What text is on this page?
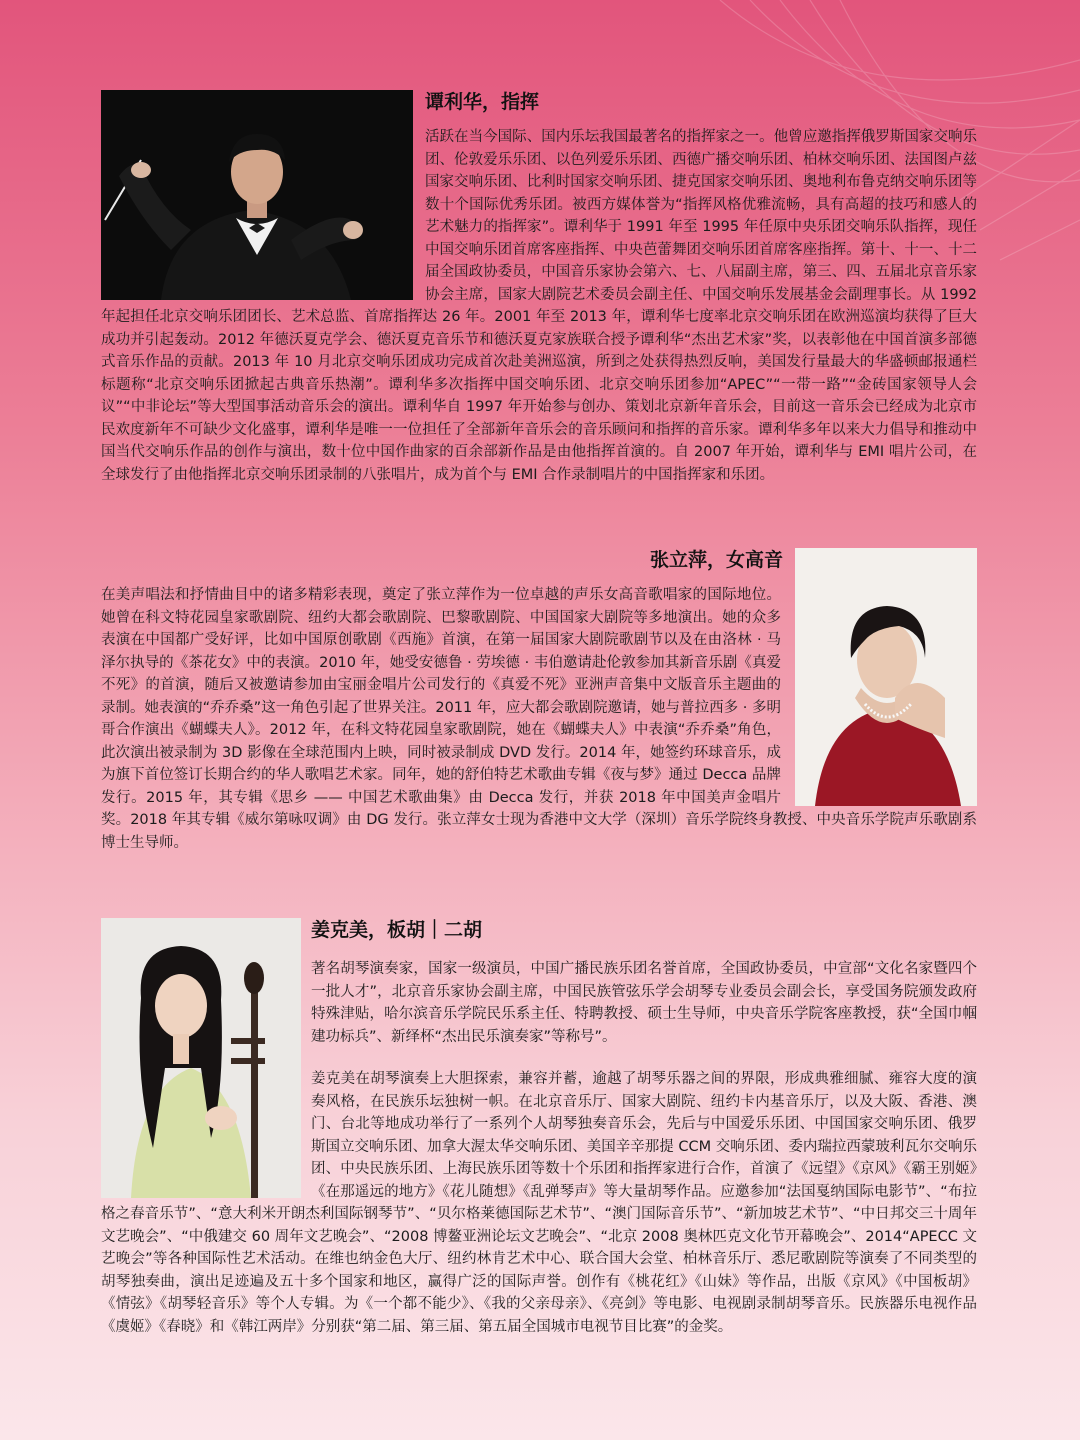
谭利华，指挥

活跃在当今国际、国内乐坛我国最著名的指挥家之一。他曾应邀指挥俄罗斯国家交响乐团、伦敦爱乐乐团、以色列爱乐乐团、西德广播交响乐团、柏林交响乐团、法国图卢兹国家交响乐团、比利时国家交响乐团、捷克国家交响乐团、奥地利布鲁克纳交响乐团等数十个国际优秀乐团。被西方媒体誉为“指挥风格优雅流畅，具有高超的技巧和感人的艺术魅力的指挥家”。谭利华于 1991 年至 1995 年任原中央乐团交响乐队指挥，现任中国交响乐团首席客座指挥、中央芭蕾舞团交响乐团首席客座指挥。第十、十一、十二届全国政协委员，中国音乐家协会第六、七、八届副主席，第三、四、五届北京音乐家协会主席，国家大剧院艺术委员会副主任、中国交响乐发展基金会副理事长。从 1992 年起担任北京交响乐团团长、艺术总监、首席指挥达 26 年。2001 年至 2013 年，谭利华七度率北京交响乐团在欧洲巡演均获得了巨大成功并引起轰动。2012 年德沃夏克学会、德沃夏克音乐节和德沃夏克家族联合授予谭利华“杰出艺术家”奖，以表彰他在中国首演多部德式音乐作品的贡献。2013 年 10 月北京交响乐团成功完成首次赴美洲巡演，所到之处获得热烈反响，美国发行量最大的华盛顿邮报通栏标题称“北京交响乐团掀起古典音乐热潮”。谭利华多次指挥中国交响乐团、北京交响乐团参加“APEC”“一带一路”“金砖国家领导人会议”“中非论坛”等大型国事活动音乐会的演出。谭利华自 1997 年开始参与创办、策划北京新年音乐会，目前这一音乐会已经成为北京市民欢度新年不可缺少文化盛事，谭利华是唯一一位担任了全部新年音乐会的音乐顾问和指挥的音乐家。谭利华多年以来大力倡导和推动中国当代交响乐作品的创作与演出，数十位中国作曲家的百余部新作品是由他指挥首演的。自 2007 年开始，谭利华与 EMI 唱片公司，在全球发行了由他指挥北京交响乐团录制的八张唱片，成为首个与 EMI 合作录制唱片的中国指挥家和乐团。

张立萍，女高音

在美声唱法和抒情曲目中的诸多精彩表现，奠定了张立萍作为一位卓越的声乐女高音歌唱家的国际地位。她曾在科文特花园皇家歌剧院、纽约大都会歌剧院、巴黎歌剧院、中国国家大剧院等多地演出。她的众多表演在中国都广受好评，比如中国原创歌剧《西施》首演，在第一届国家大剧院歌剧节以及在由洛林 · 马泽尔执导的《茶花女》中的表演。2010 年，她受安德鲁 · 劳埃德 · 韦伯邀请赴伦敦参加其新音乐剧《真爱不死》的首演，随后又被邀请参加由宝丽金唱片公司发行的《真爱不死》亚洲声音集中文版音乐主题曲的录制。她表演的“乔乔桑”这一角色引起了世界关注。2011 年，应大都会歌剧院邀请，她与普拉西多 · 多明哥合作演出《蝴蝶夫人》。2012 年，在科文特花园皇家歌剧院，她在《蝴蝶夫人》中表演“乔乔桑”角色，此次演出被录制为 3D 影像在全球范围内上映，同时被录制成 DVD 发行。2014 年，她签约环球音乐，成为旗下首位签订长期合约的华人歌唱艺术家。同年，她的舒伯特艺术歌曲专辑《夜与梦》通过 Decca 品牌发行。2015 年，其专辑《思乡 —— 中国艺术歌曲集》由 Decca 发行，并获 2018 年中国美声金唱片奖。2018 年其专辑《威尔第咏叹调》由 DG 发行。张立萍女士现为香港中文大学（深圳）音乐学院终身教授、中央音乐学院声乐歌剧系博士生导师。

姜克美，板胡｜二胡

著名胡琴演奏家，国家一级演员，中国广播民族乐团名誉首席，全国政协委员，中宣部“文化名家暨四个一批人才”，北京音乐家协会副主席，中国民族管弦乐学会胡琴专业委员会副会长，享受国务院颁发政府特殊津贴，哈尔滨音乐学院民乐系主任、特聘教授、硕士生导师，中央音乐学院客座教授，获“全国巾帼建功标兵”、新绎杯“杰出民乐演奏家”等称号”。

姜克美在胡琴演奏上大胆探索，兼容并蓄，逾越了胡琴乐器之间的界限，形成典雅细腻、雍容大度的演奏风格，在民族乐坛独树一帜。在北京音乐厅、国家大剧院、纽约卡内基音乐厅，以及大阪、香港、澳门、台北等地成功举行了一系列个人胡琴独奏音乐会，先后与中国爱乐乐团、中国国家交响乐团、俄罗斯国立交响乐团、加拿大渥太华交响乐团、美国辛辛那提 CCM 交响乐团、委内瑞拉西蒙玻利瓦尔交响乐团、中央民族乐团、上海民族乐团等数十个乐团和指挥家进行合作，首演了《远望》《京风》《霸王别姬》《在那遥远的地方》《花儿随想》《乱弹琴声》等大量胡琴作品。应邀参加“法国戛纳国际电影节”、“布拉格之春音乐节”、“意大利米开朗杰利国际钢琴节”、“贝尔格莱德国际艺术节”、“澳门国际音乐节”、“新加坡艺术节”、“中日邦交三十周年文艺晚会”、“中俄建交 60 周年文艺晚会”、“2008 博鳌亚洲论坛文艺晚会”、“北京 2008 奥林匹克文化节开幕晚会”、2014“APECC 文艺晚会”等各种国际性艺术活动。在维也纳金色大厅、纽约林肯艺术中心、联合国大会堂、柏林音乐厅、悉尼歌剧院等演奏了不同类型的胡琴独奏曲，演出足迹遍及五十多个国家和地区，赢得广泛的国际声誉。创作有《桃花红》《山妹》等作品，出版《京风》《中国板胡》《情弦》《胡琴轻音乐》等个人专辑。为《一个都不能少》、《我的父亲母亲》、《亮剑》等电影、电视剧录制胡琴音乐。民族器乐电视作品《虞姬》《春晓》和《韩江两岸》分别获“第二届、第三届、第五届全国城市电视节目比赛”的金奖。
